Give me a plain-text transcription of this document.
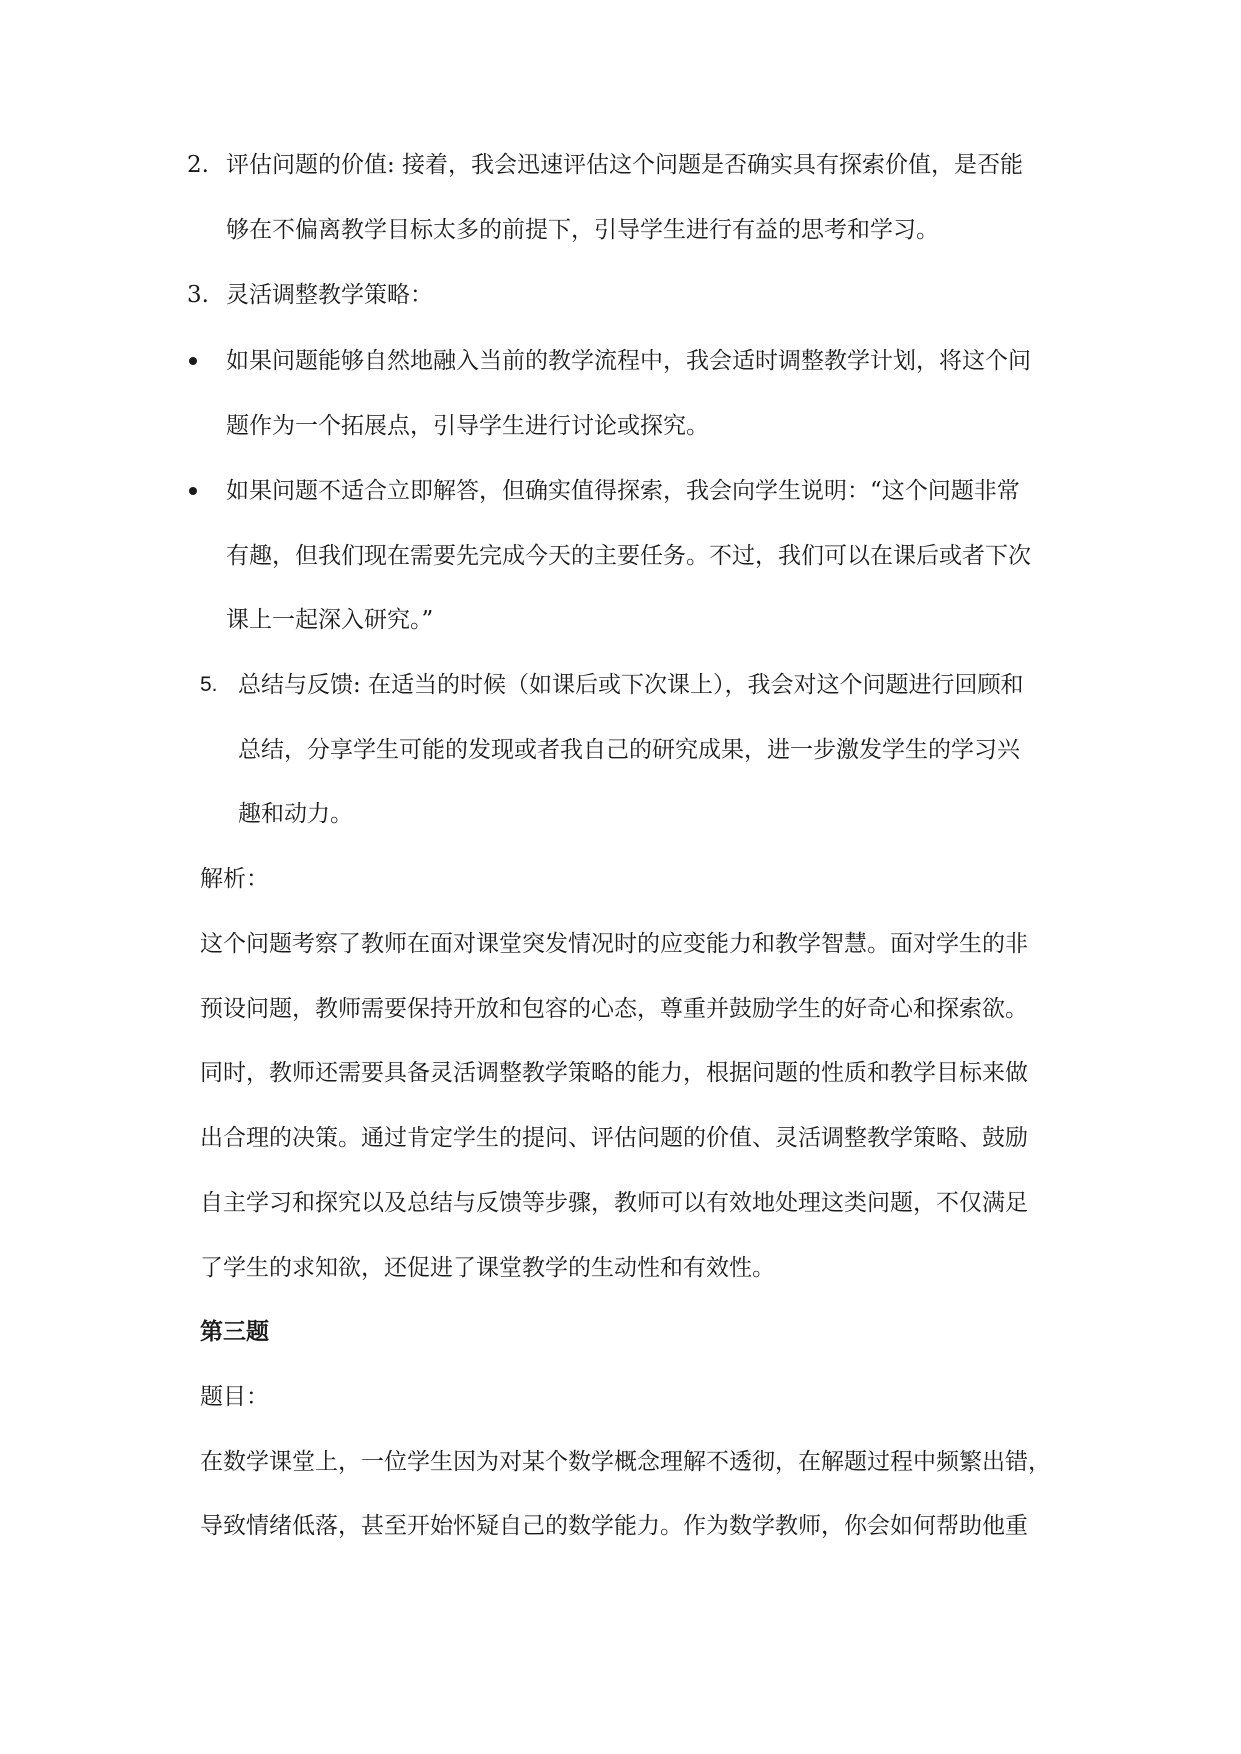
2. 评估问题的价值: 接着，我会迅速评估这个问题是否确实具有探索价值，是否能
够在不偏离教学目标太多的前提下，引导学生进行有益的思考和学习。
3. 灵活调整教学策略：
如果问题能够自然地融入当前的教学流程中，我会适时调整教学计划，将这个问
题作为一个拓展点，引导学生进行讨论或探究。
如果问题不适合立即解答，但确实值得探索，我会向学生说明：“这个问题非常
有趣，但我们现在需要先完成今天的主要任务。不过，我们可以在课后或者下次
课上一起深入研究。”
5. 总结与反馈: 在适当的时候（如课后或下次课上），我会对这个问题进行回顾和
总结，分享学生可能的发现或者我自己的研究成果，进一步激发学生的学习兴
趣和动力。
解析：
这个问题考察了教师在面对课堂突发情况时的应变能力和教学智慧。面对学生的非
预设问题，教师需要保持开放和包容的心态，尊重并鼓励学生的好奇心和探索欲。
同时，教师还需要具备灵活调整教学策略的能力，根据问题的性质和教学目标来做
出合理的决策。通过肯定学生的提问、评估问题的价值、灵活调整教学策略、鼓励
自主学习和探究以及总结与反馈等步骤，教师可以有效地处理这类问题，不仅满足
了学生的求知欲，还促进了课堂教学的生动性和有效性。
第三题
题目：
在数学课堂上，一位学生因为对某个数学概念理解不透彻，在解题过程中频繁出错，
导致情绪低落，甚至开始怀疑自己的数学能力。作为数学教师，你会如何帮助他重
